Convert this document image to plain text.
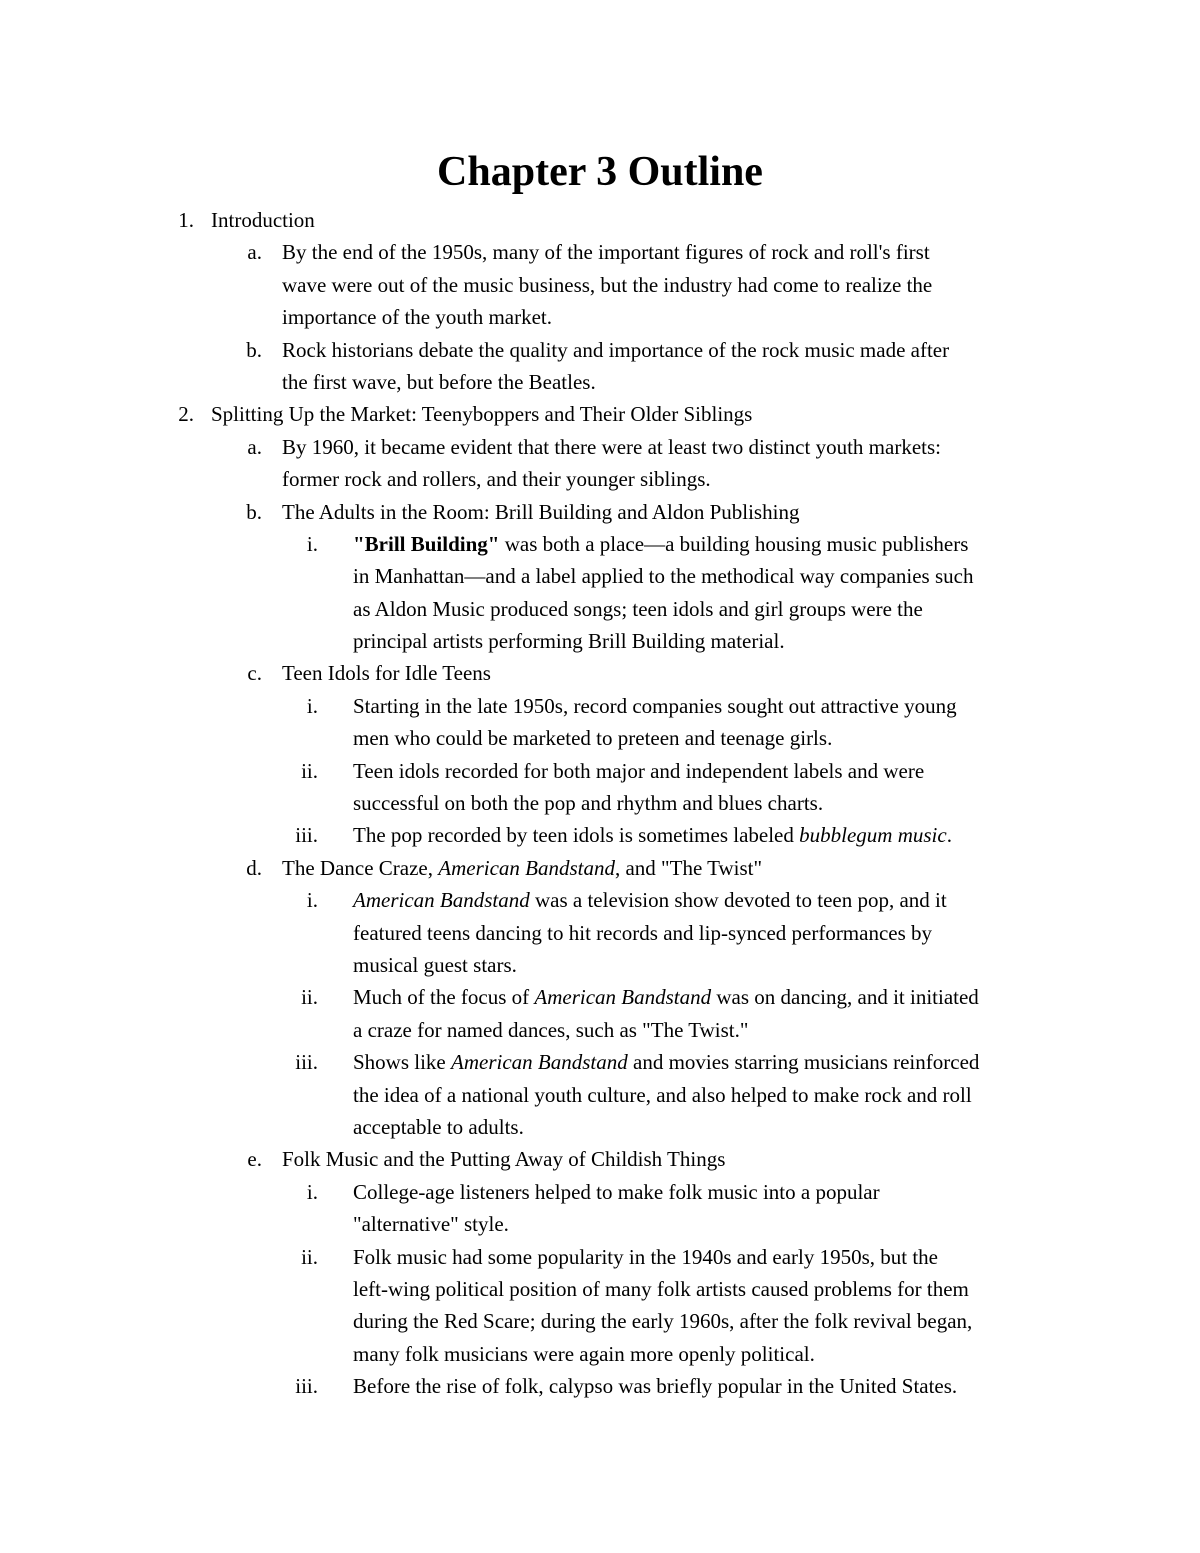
Chapter 3 Outline
1. Introduction
a. By the end of the 1950s, many of the important figures of rock and roll's first
wave were out of the music business, but the industry had come to realize the
importance of the youth market.
b. Rock historians debate the quality and importance of the rock music made after
the first wave, but before the Beatles.
2. Splitting Up the Market: Teenyboppers and Their Older Siblings
a. By 1960, it became evident that there were at least two distinct youth markets:
former rock and rollers, and their younger siblings.
b. The Adults in the Room: Brill Building and Aldon Publishing
i. "Brill Building" was both a place—a building housing music publishers
in Manhattan—and a label applied to the methodical way companies such
as Aldon Music produced songs; teen idols and girl groups were the
principal artists performing Brill Building material.
c. Teen Idols for Idle Teens
i. Starting in the late 1950s, record companies sought out attractive young
men who could be marketed to preteen and teenage girls.
ii. Teen idols recorded for both major and independent labels and were
successful on both the pop and rhythm and blues charts.
iii. The pop recorded by teen idols is sometimes labeled bubblegum music.
d. The Dance Craze, American Bandstand, and "The Twist"
i. American Bandstand was a television show devoted to teen pop, and it
featured teens dancing to hit records and lip-synced performances by
musical guest stars.
ii. Much of the focus of American Bandstand was on dancing, and it initiated
a craze for named dances, such as "The Twist."
iii. Shows like American Bandstand and movies starring musicians reinforced
the idea of a national youth culture, and also helped to make rock and roll
acceptable to adults.
e. Folk Music and the Putting Away of Childish Things
i. College-age listeners helped to make folk music into a popular
"alternative" style.
ii. Folk music had some popularity in the 1940s and early 1950s, but the
left-wing political position of many folk artists caused problems for them
during the Red Scare; during the early 1960s, after the folk revival began,
many folk musicians were again more openly political.
iii. Before the rise of folk, calypso was briefly popular in the United States.
